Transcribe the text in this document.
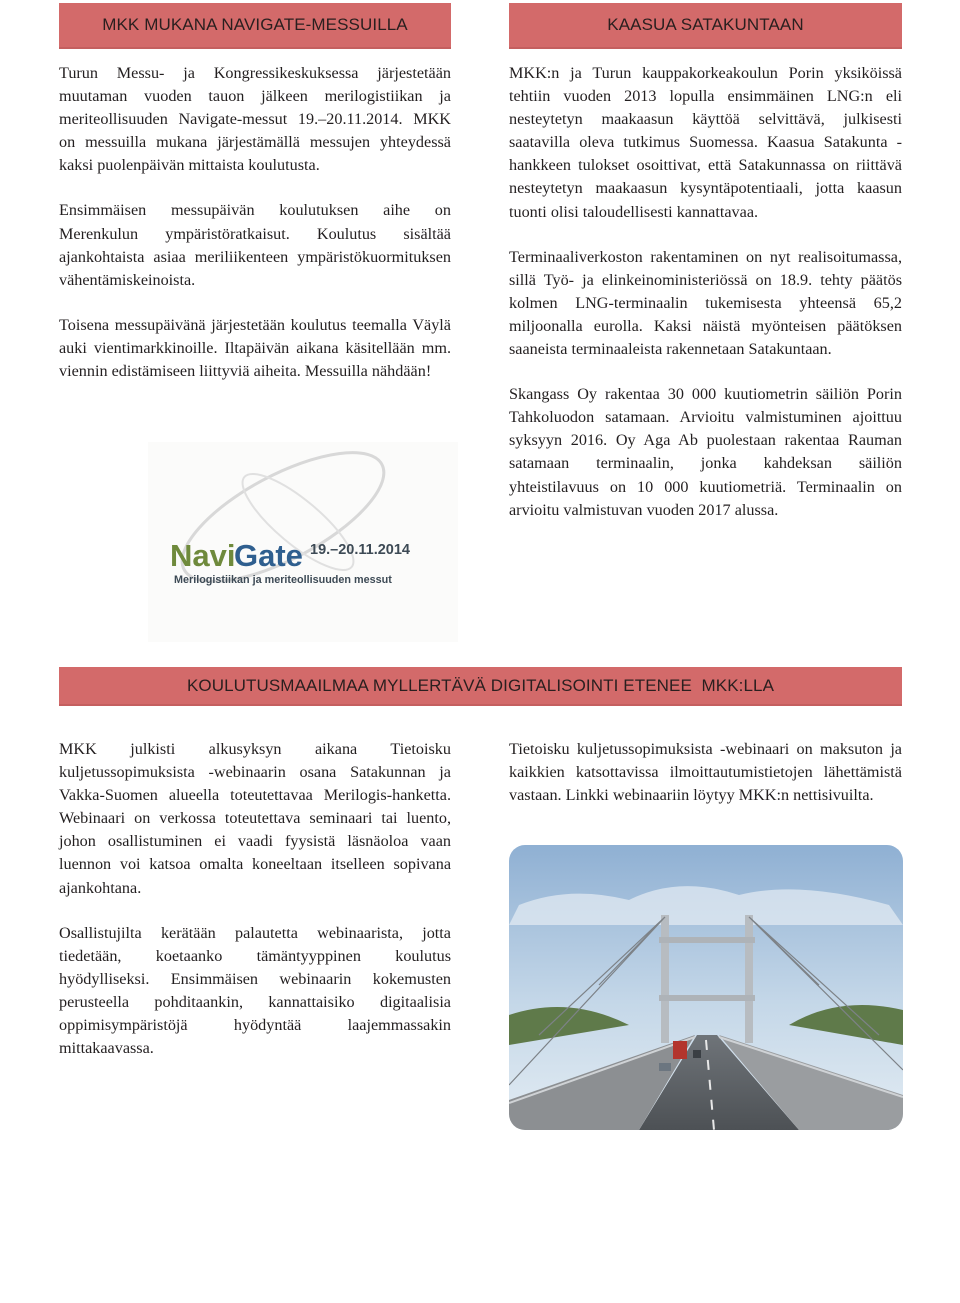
MKK MUKANA NAVIGATE-MESSUILLA	KAASUA SATAKUNTAAN

Turun Messu- ja Kongressikeskuksessa järjestetään muutaman vuoden tauon jälkeen merilogistiikan ja meriteollisuuden Navigate-messut 19.–20.11.2014. MKK on messuilla mukana järjestämällä messujen yhteydessä kaksi puolenpäivän mittaista koulutusta.

Ensimmäisen messupäivän koulutuksen aihe on Merenkulun ympäristöratkaisut. Koulutus sisältää ajankohtaista asiaa meriliikenteen ympäristökuormituksen vähentämiskeinoista.

Toisena messupäivänä järjestetään koulutus teemalla Väylä auki vientimarkkinoille. Iltapäivän aikana käsitellään mm. viennin edistämiseen liittyviä aiheita. Messuilla nähdään!

Navi
Gate 19.–20.11.2014
Merilogistiikan ja meriteollisuuden messut

MKK:n ja Turun kauppakorkeakoulun Porin yksiköissä tehtiin vuoden 2013 lopulla ensimmäinen LNG:n eli nesteytetyn maakaasun käyttöä selvittävä, julkisesti saatavilla oleva tutkimus Suomessa. Kaasua Satakunta -hankkeen tulokset osoittivat, että Satakunnassa on riittävä nesteytetyn maakaasun kysyntäpotentiaali, jotta kaasun tuonti olisi taloudellisesti kannattavaa.

Terminaaliverkoston rakentaminen on nyt realisoitumassa, sillä Työ- ja elinkeinoministeriössä on 18.9. tehty päätös kolmen LNG-terminaalin tukemisesta yhteensä 65,2 miljoonalla eurolla. Kaksi näistä myönteisen päätöksen saaneista terminaaleista rakennetaan Satakuntaan.

Skangass Oy rakentaa 30 000 kuutiometrin säiliön Porin Tahkoluodon satamaan. Arvioitu valmistuminen ajoittuu syksyyn 2016. Oy Aga Ab puolestaan rakentaa Rauman satamaan terminaalin, jonka kahdeksan säiliön yhteistilavuus on 10 000 kuutiometriä. Terminaalin on arvioitu valmistuvan vuoden 2017 alussa.

KOULUTUSMAAILMAA MYLLERTÄVÄ DIGITALISOINTI ETENEE  MKK:LLA

MKK julkisti alkusyksyn aikana Tietoisku kuljetussopimuksista -webinaarin osana Satakunnan ja Vakka-Suomen alueella toteutettavaa Merilogis-hanketta. Webinaari on verkossa toteutettava seminaari tai luento, johon osallistuminen ei vaadi fyysistä läsnäoloa vaan luennon voi katsoa omalta koneeltaan itselleen sopivana ajankohtana.

Osallistujilta kerätään palautetta webinaarista, jotta tiedetään, koetaanko tämäntyyppinen koulutus hyödylliseksi. Ensimmäisen webinaarin kokemusten perusteella pohditaankin, kannattaisiko digitaalisia oppimisympäristöjä hyödyntää laajemmassakin mittakaavassa.

Tietoisku kuljetussopimuksista -webinaari on maksuton ja kaikkien katsottavissa ilmoittautumistietojen lähettämistä vastaan. Linkki webinaariin löytyy MKK:n nettisivuilta.
